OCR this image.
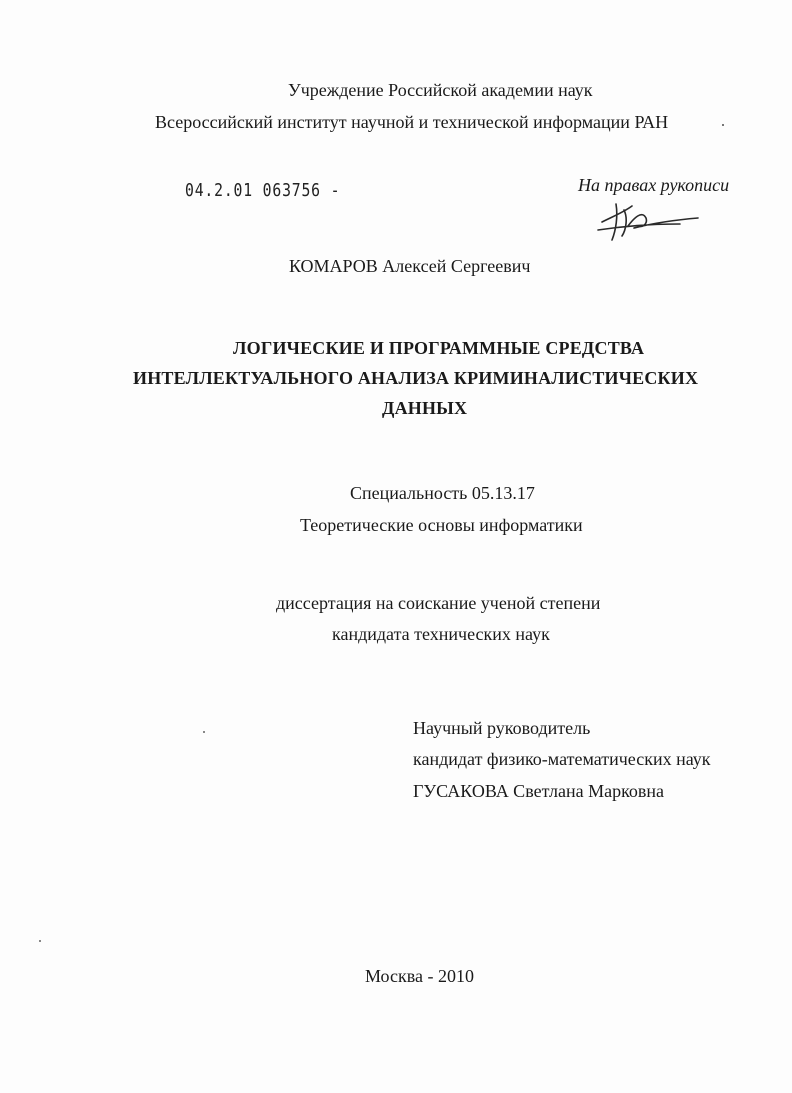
Учреждение Российской академии наук
Всероссийский институт научной и технической информации РАН
04.2.01 063756 -	На правах рукописи
КОМАРОВ Алексей Сергеевич
ЛОГИЧЕСКИЕ И ПРОГРАММНЫЕ СРЕДСТВА
ИНТЕЛЛЕКТУАЛЬНОГО АНАЛИЗА КРИМИНАЛИСТИЧЕСКИХ
ДАННЫХ
Специальность 05.13.17
Теоретические основы информатики
диссертация на соискание ученой степени
кандидата технических наук
Научный руководитель
кандидат физико-математических наук
ГУСАКОВА Светлана Марковна
Москва - 2010
